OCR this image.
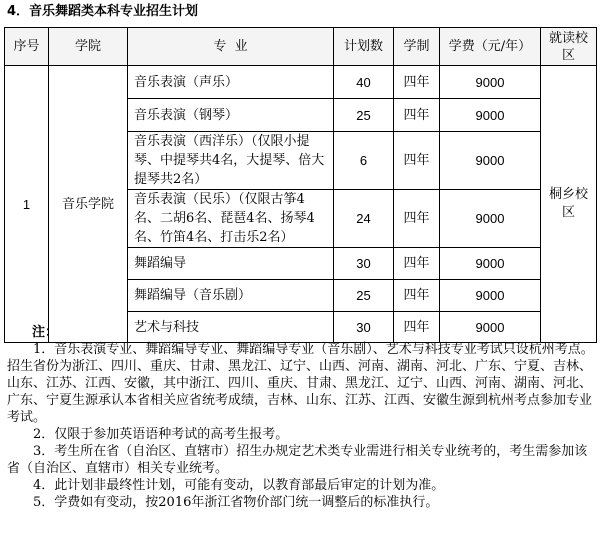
4．音乐舞蹈类本科专业招生计划
序号	学院	专  业	计划数	学制	学费（元/年）	就读校区
1	音乐学院	音乐表演（声乐）	40	四年	9000	桐乡校区
		音乐表演（钢琴）	25	四年	9000	
		音乐表演（西洋乐）（仅限小提琴、中提琴共4名，大提琴、倍大提琴共2名）	6	四年	9000	
		音乐表演（民乐）（仅限古筝4名、二胡6名、琵琶4名、扬琴4名、竹笛4名、打击乐2名）	24	四年	9000	
		舞蹈编导	30	四年	9000	
		舞蹈编导（音乐剧）	25	四年	9000	
		艺术与科技	30	四年	9000	
注：

1．音乐表演专业、舞蹈编导专业、舞蹈编导专业（音乐剧）、艺术与科技专业考试只设杭州考点。招生省份为浙江、四川、重庆、甘肃、黑龙江、辽宁、山西、河南、湖南、河北、广东、宁夏、吉林、山东、江苏、江西、安徽，其中浙江、四川、重庆、甘肃、黑龙江、辽宁、山西、河南、湖南、河北、广东、宁夏生源承认本省相关应省统考成绩，吉林、山东、江苏、江西、安徽生源到杭州考点参加专业考试。

2．仅限于参加英语语种考试的高考生报考。

3．考生所在省（自治区、直辖市）招生办规定艺术类专业需进行相关专业统考的，考生需参加该省（自治区、直辖市）相关专业统考。

4．此计划非最终性计划，可能有变动，以教育部最后审定的计划为准。

5．学费如有变动，按2016年浙江省物价部门统一调整后的标准执行。
